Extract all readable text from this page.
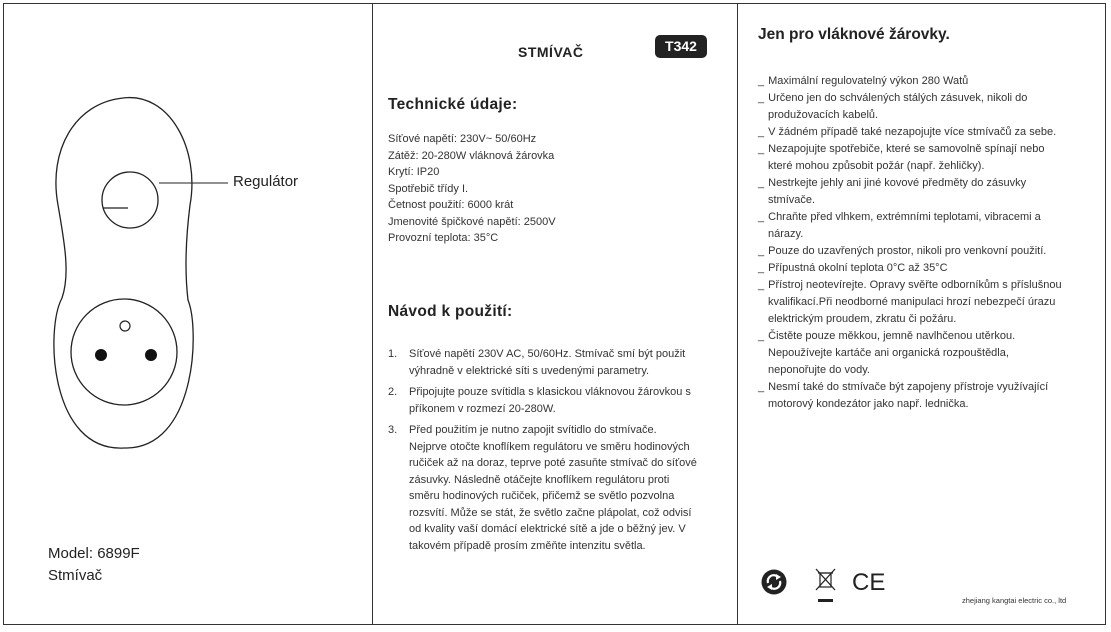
Regulátor
Model: 6899F
Stmívač
STMÍVAČ	T342
Technické údaje:
Síťové napětí: 230V~ 50/60Hz
Zátěž: 20-280W vláknová žárovka
Krytí: IP20
Spotřebič třídy I.
Četnost použití: 6000 krát
Jmenovité špičkové napětí: 2500V
Provozní teplota: 35°C
Návod k použití:
1. Síťové napětí 230V AC, 50/60Hz. Stmívač smí být použit
výhradně v elektrické síti s uvedenými parametry.
2. Připojujte pouze svítidla s klasickou vláknovou žárovkou s
příkonem v rozmezí 20-280W.
3. Před použitím je nutno zapojit svítidlo do stmívače.
Nejprve otočte knoflíkem regulátoru ve směru hodinových
ručiček až na doraz, teprve poté zasuňte stmívač do síťové
zásuvky. Následně otáčejte knoflíkem regulátoru proti
směru hodinových ručiček, přičemž se světlo pozvolna
rozsvítí. Může se stát, že světlo začne plápolat, což odvisí
od kvality vaší domácí elektrické sítě a jde o běžný jev. V
takovém případě prosím změňte intenzitu světla.
Jen pro vláknové žárovky.
_ Maximální regulovatelný výkon 280 Watů
_ Určeno jen do schválených stálých zásuvek, nikoli do
produžovacích kabelů.
_ V žádném případě také nezapojujte více stmívačů za sebe.
_ Nezapojujte spotřebiče, které se samovolně spínají nebo
které mohou způsobit požár (např. žehličky).
_ Nestrkejte jehly ani jiné kovové předměty do zásuvky
stmívače.
_ Chraňte před vlhkem, extrémními teplotami, vibracemi a
nárazy.
_ Pouze do uzavřených prostor, nikoli pro venkovní použití.
_ Přípustná okolní teplota 0°C až 35°C
_ Přístroj neotevírejte. Opravy svěřte odborníkům s příslušnou
kvalifikací.Při neodborné manipulaci hrozí nebezpečí úrazu
elektrickým proudem, zkratu či požáru.
_ Čistěte pouze měkkou, jemně navlhčenou utěrkou.
Nepoužívejte kartáče ani organická rozpouštědla,
neponořujte do vody.
_ Nesmí také do stmívače být zapojeny přístroje využívající
motorový kondezátor jako např. lednička.
CE
zhejiang kangtai electric co., ltd
